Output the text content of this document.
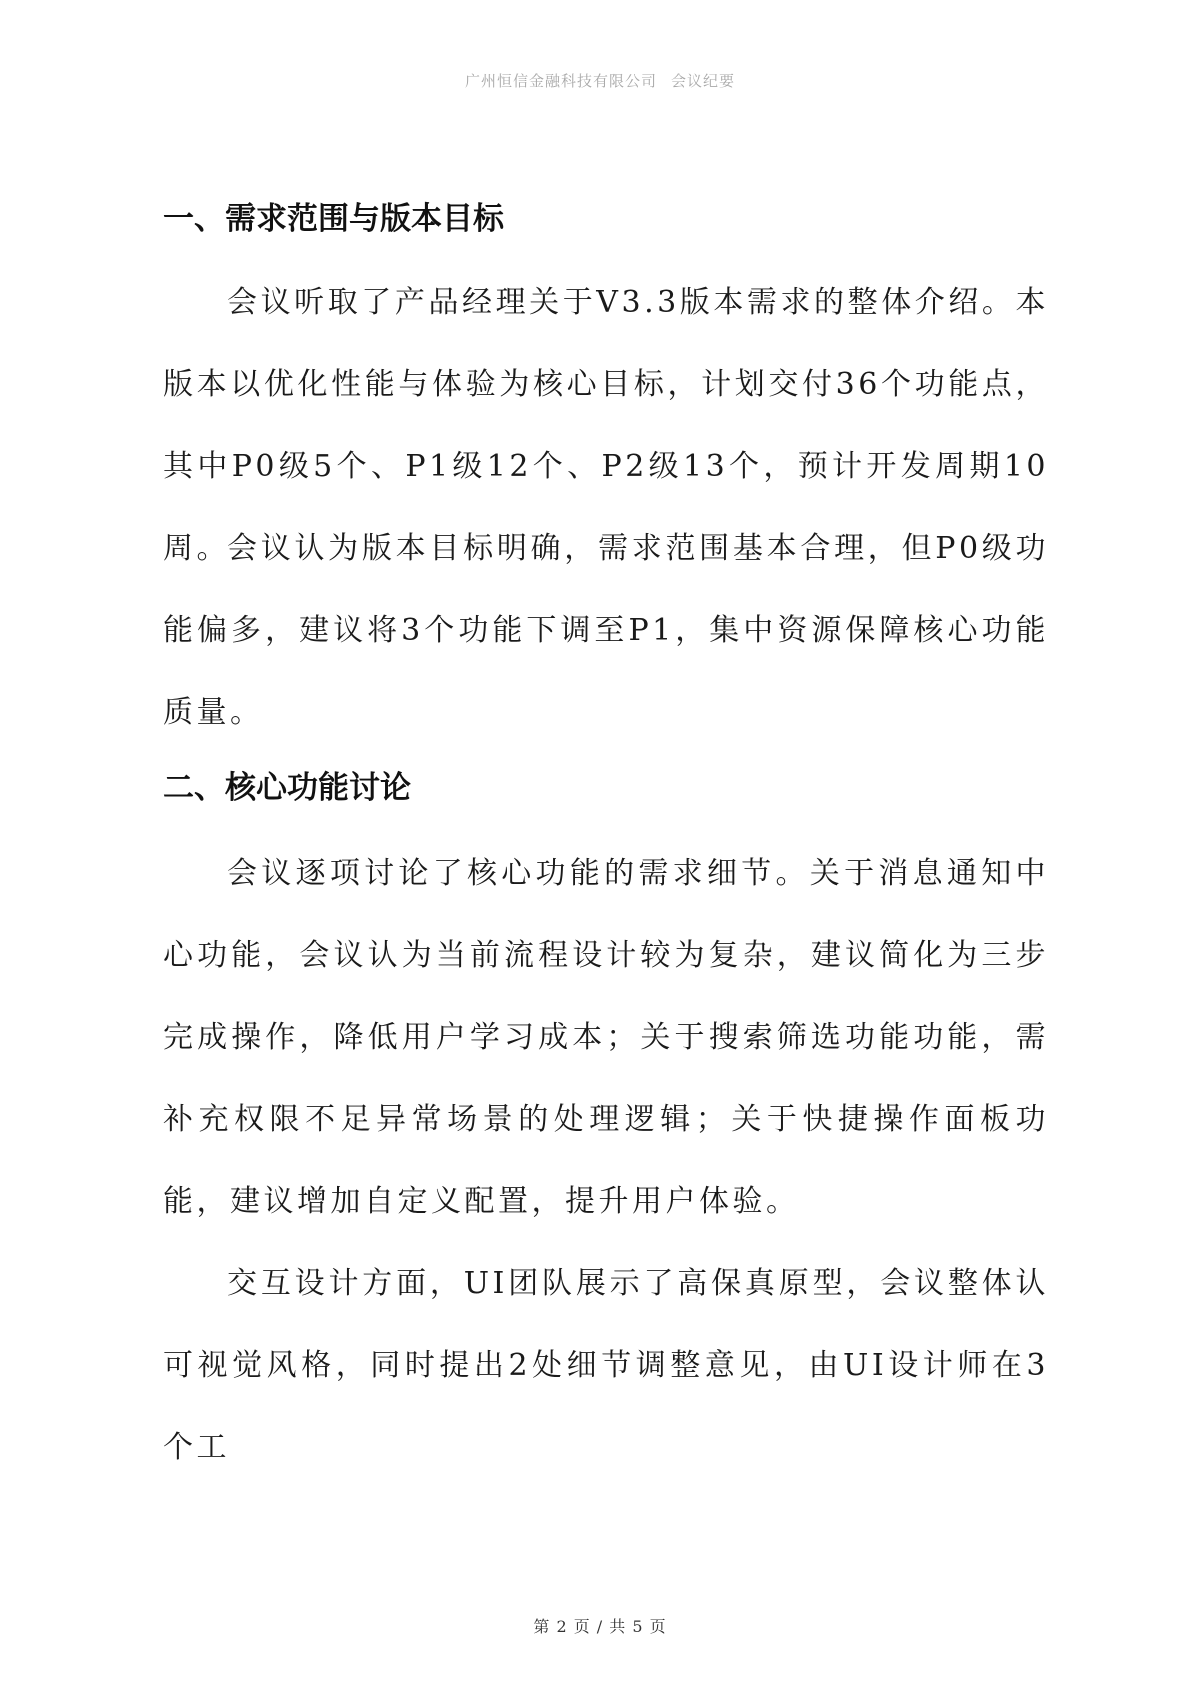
广州恒信金融科技有限公司 会议纪要
一、需求范围与版本目标

会议听取了产品经理关于V3.3版本需求的整体介绍。本版本以优化性能与体验为核心目标，计划交付36个功能点，其中P0级5个、P1级12个、P2级13个，预计开发周期10周。

会议认为版本目标明确，需求范围基本合理，但P0级功能偏多，建议将3个功能下调至P1，集中资源保障核心功能质量。

二、核心功能讨论

会议逐项讨论了核心功能的需求细节。关于消息通知中心功能，会议认为当前流程设计较为复杂，建议简化为三步完成操作，降低用户学习成本；关于搜索筛选功能功能，需补充权限不足异常场景的处理逻辑；关于快捷操作面板功能，建议增加自定义配置，提升用户体验。

交互设计方面，UI团队展示了高保真原型，会议整体认可视觉风格，同时提出2处细节调整意见，由UI设计师在3个工

第 2 页 / 共 5 页
